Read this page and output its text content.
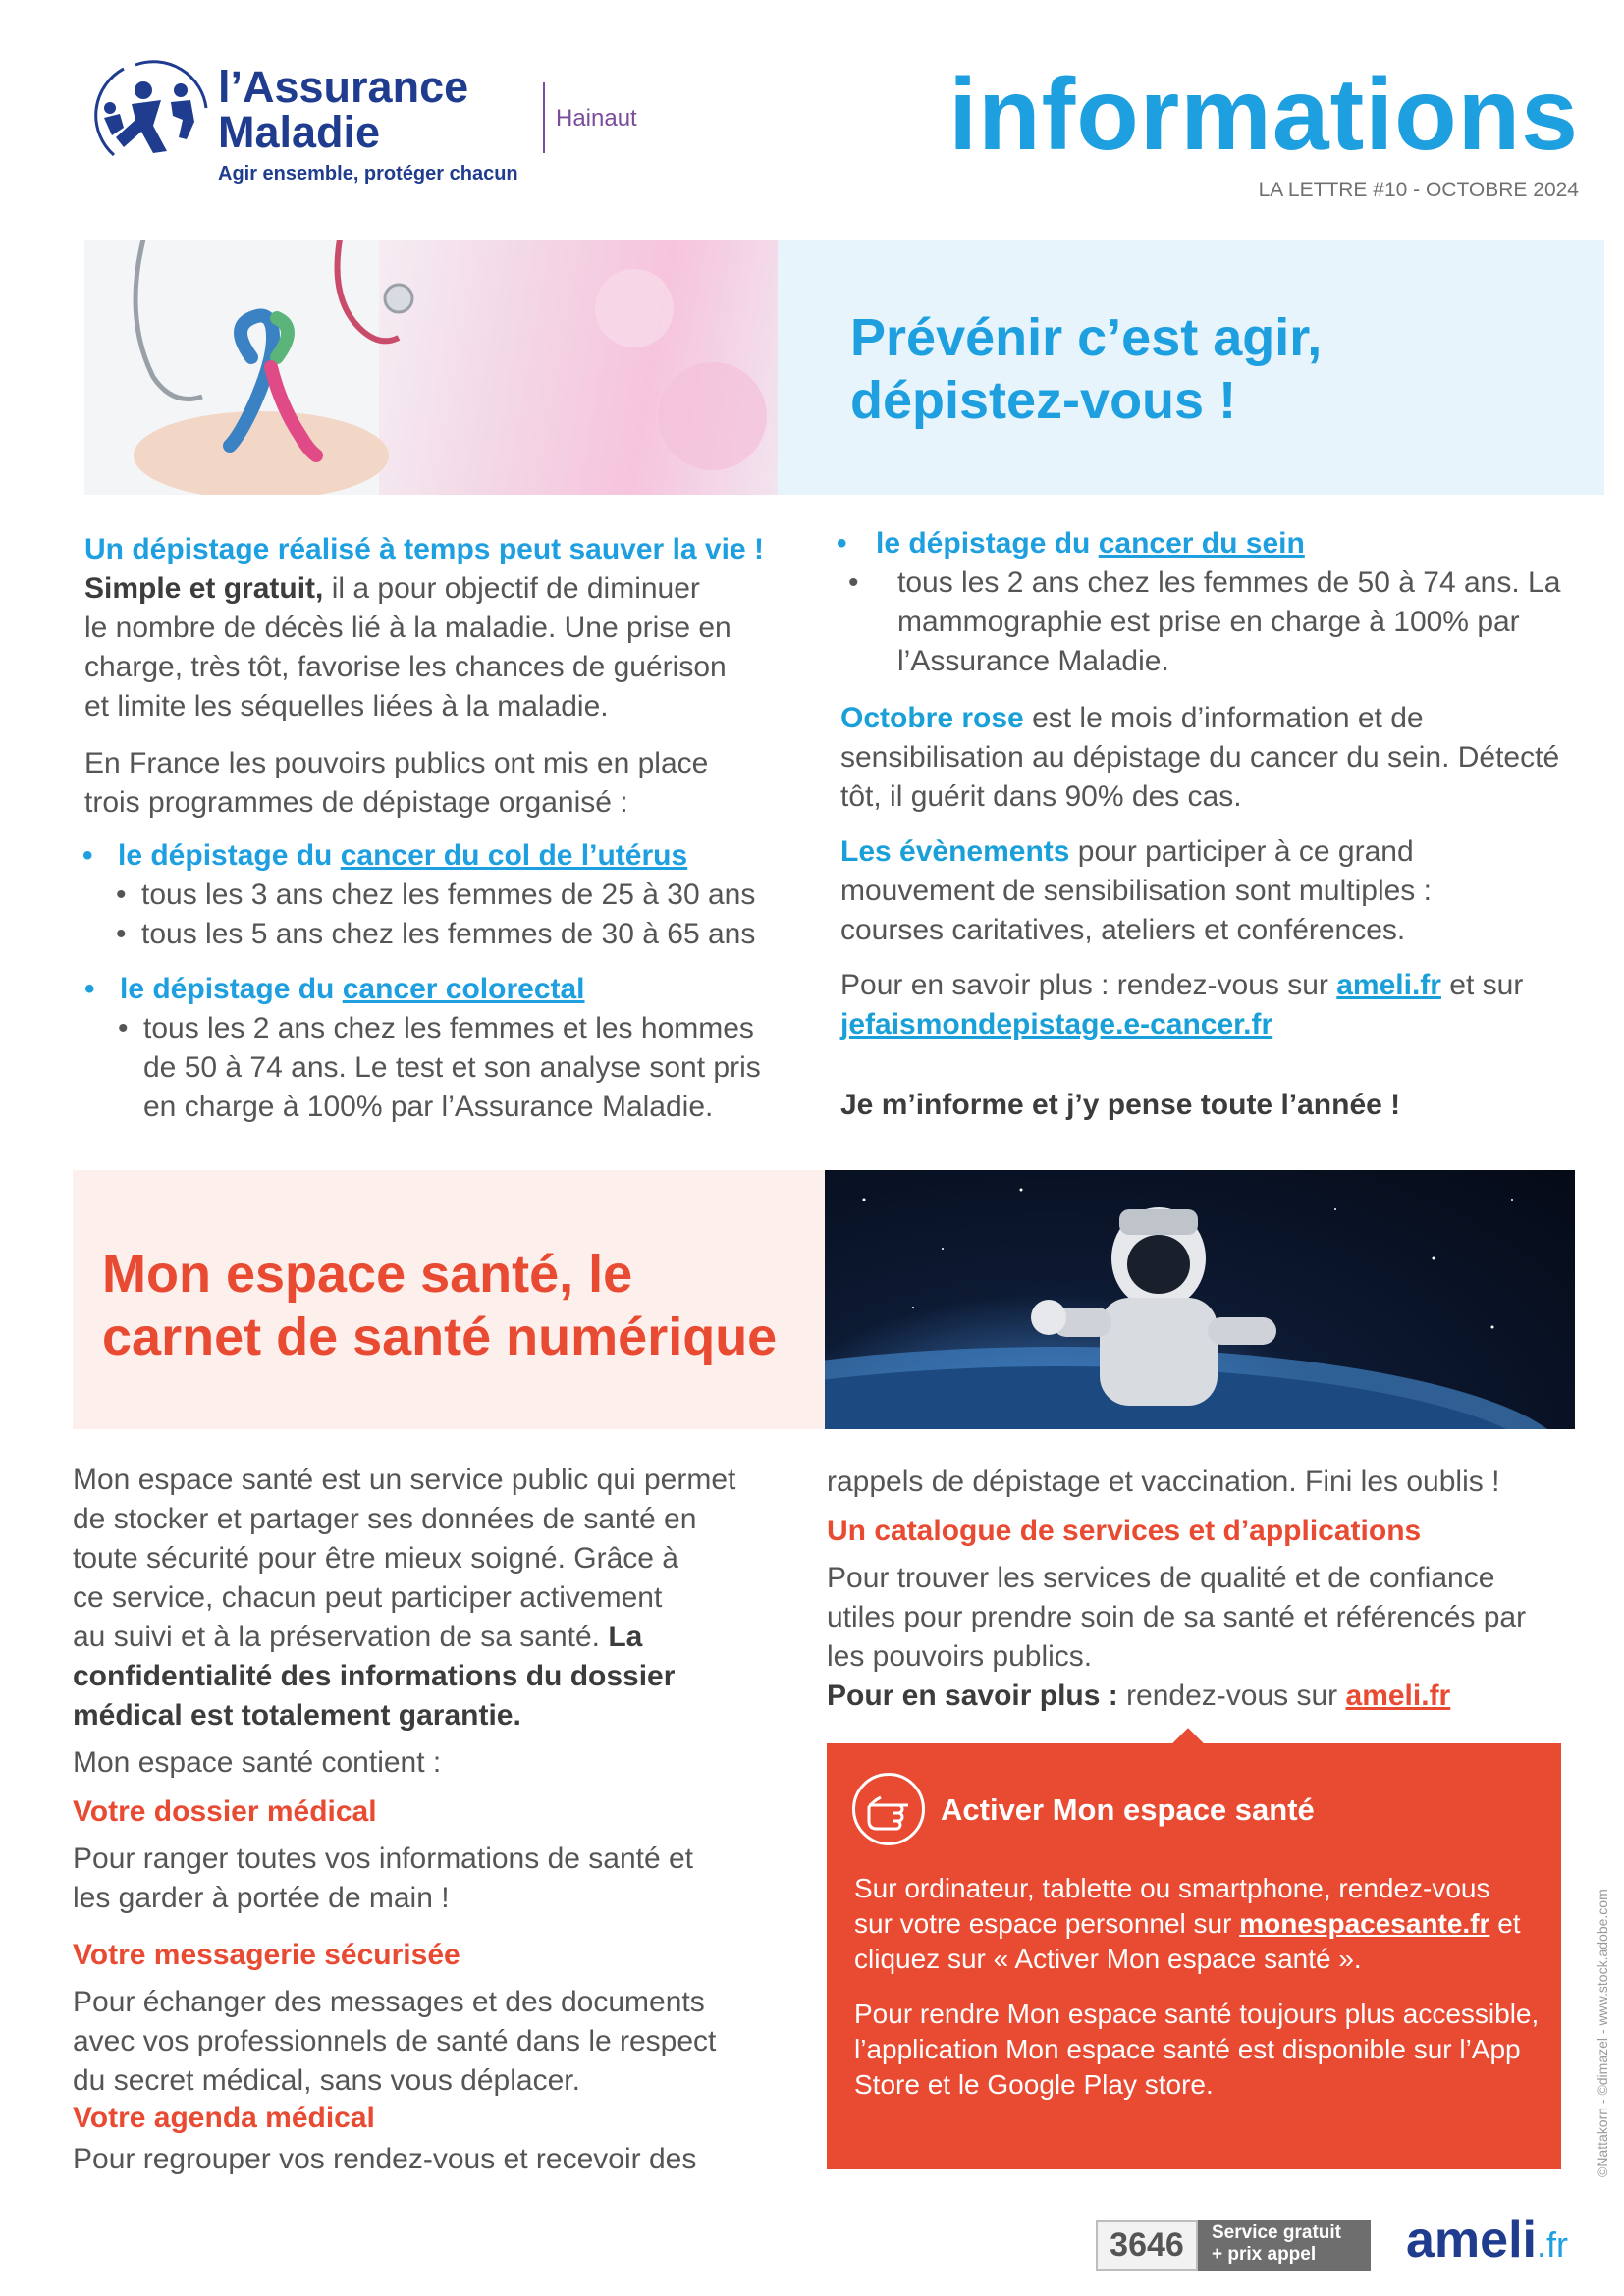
l’Assurance
Maladie
Agir ensemble, protéger chacun
Hainaut	informations
LA LETTRE #10 - OCTOBRE 2024
Prévénir c’est agir,
dépistez-vous !
Un dépistage réalisé à temps peut sauver la vie !
Simple et gratuit, il a pour objectif de diminuer
le nombre de décès lié à la maladie. Une prise en
charge, très tôt, favorise les chances de guérison
et limite les séquelles liées à la maladie.
En France les pouvoirs publics ont mis en place
trois programmes de dépistage organisé :
• le dépistage du cancer du col de l’utérus
• tous les 3 ans chez les femmes de 25 à 30 ans
• tous les 5 ans chez les femmes de 30 à 65 ans
• le dépistage du cancer colorectal
• tous les 2 ans chez les femmes et les hommes
de 50 à 74 ans. Le test et son analyse sont pris
en charge à 100% par l’Assurance Maladie.
• le dépistage du cancer du sein
• tous les 2 ans chez les femmes de 50 à 74 ans. La
mammographie est prise en charge à 100% par
l’Assurance Maladie.
Octobre rose est le mois d’information et de
sensibilisation au dépistage du cancer du sein. Détecté
tôt, il guérit dans 90% des cas.
Les évènements pour participer à ce grand
mouvement de sensibilisation sont multiples :
courses caritatives, ateliers et conférences.
Pour en savoir plus : rendez-vous sur ameli.fr et sur
jefaismondepistage.e-cancer.fr
Je m’informe et j’y pense toute l’année !
Mon espace santé, le
carnet de santé numérique
Mon espace santé est un service public qui permet
de stocker et partager ses données de santé en
toute sécurité pour être mieux soigné. Grâce à
ce service, chacun peut participer activement
au suivi et à la préservation de sa santé. La
confidentialité des informations du dossier
médical est totalement garantie.
Mon espace santé contient :
Votre dossier médical
Pour ranger toutes vos informations de santé et
les garder à portée de main !
Votre messagerie sécurisée
Pour échanger des messages et des documents
avec vos professionnels de santé dans le respect
du secret médical, sans vous déplacer.
Votre agenda médical
Pour regrouper vos rendez-vous et recevoir des
rappels de dépistage et vaccination. Fini les oublis !
Un catalogue de services et d’applications
Pour trouver les services de qualité et de confiance
utiles pour prendre soin de sa santé et référencés par
les pouvoirs publics.
Pour en savoir plus : rendez-vous sur ameli.fr
Activer Mon espace santé
Sur ordinateur, tablette ou smartphone, rendez-vous
sur votre espace personnel sur monespacesante.fr et
cliquez sur « Activer Mon espace santé ».
Pour rendre Mon espace santé toujours plus accessible,
l’application Mon espace santé est disponible sur l’App
Store et le Google Play store.	©Nattakorn - ©dimazel - www.stock.adobe.com
3646	Service gratuit
+ prix appel	ameli.fr
